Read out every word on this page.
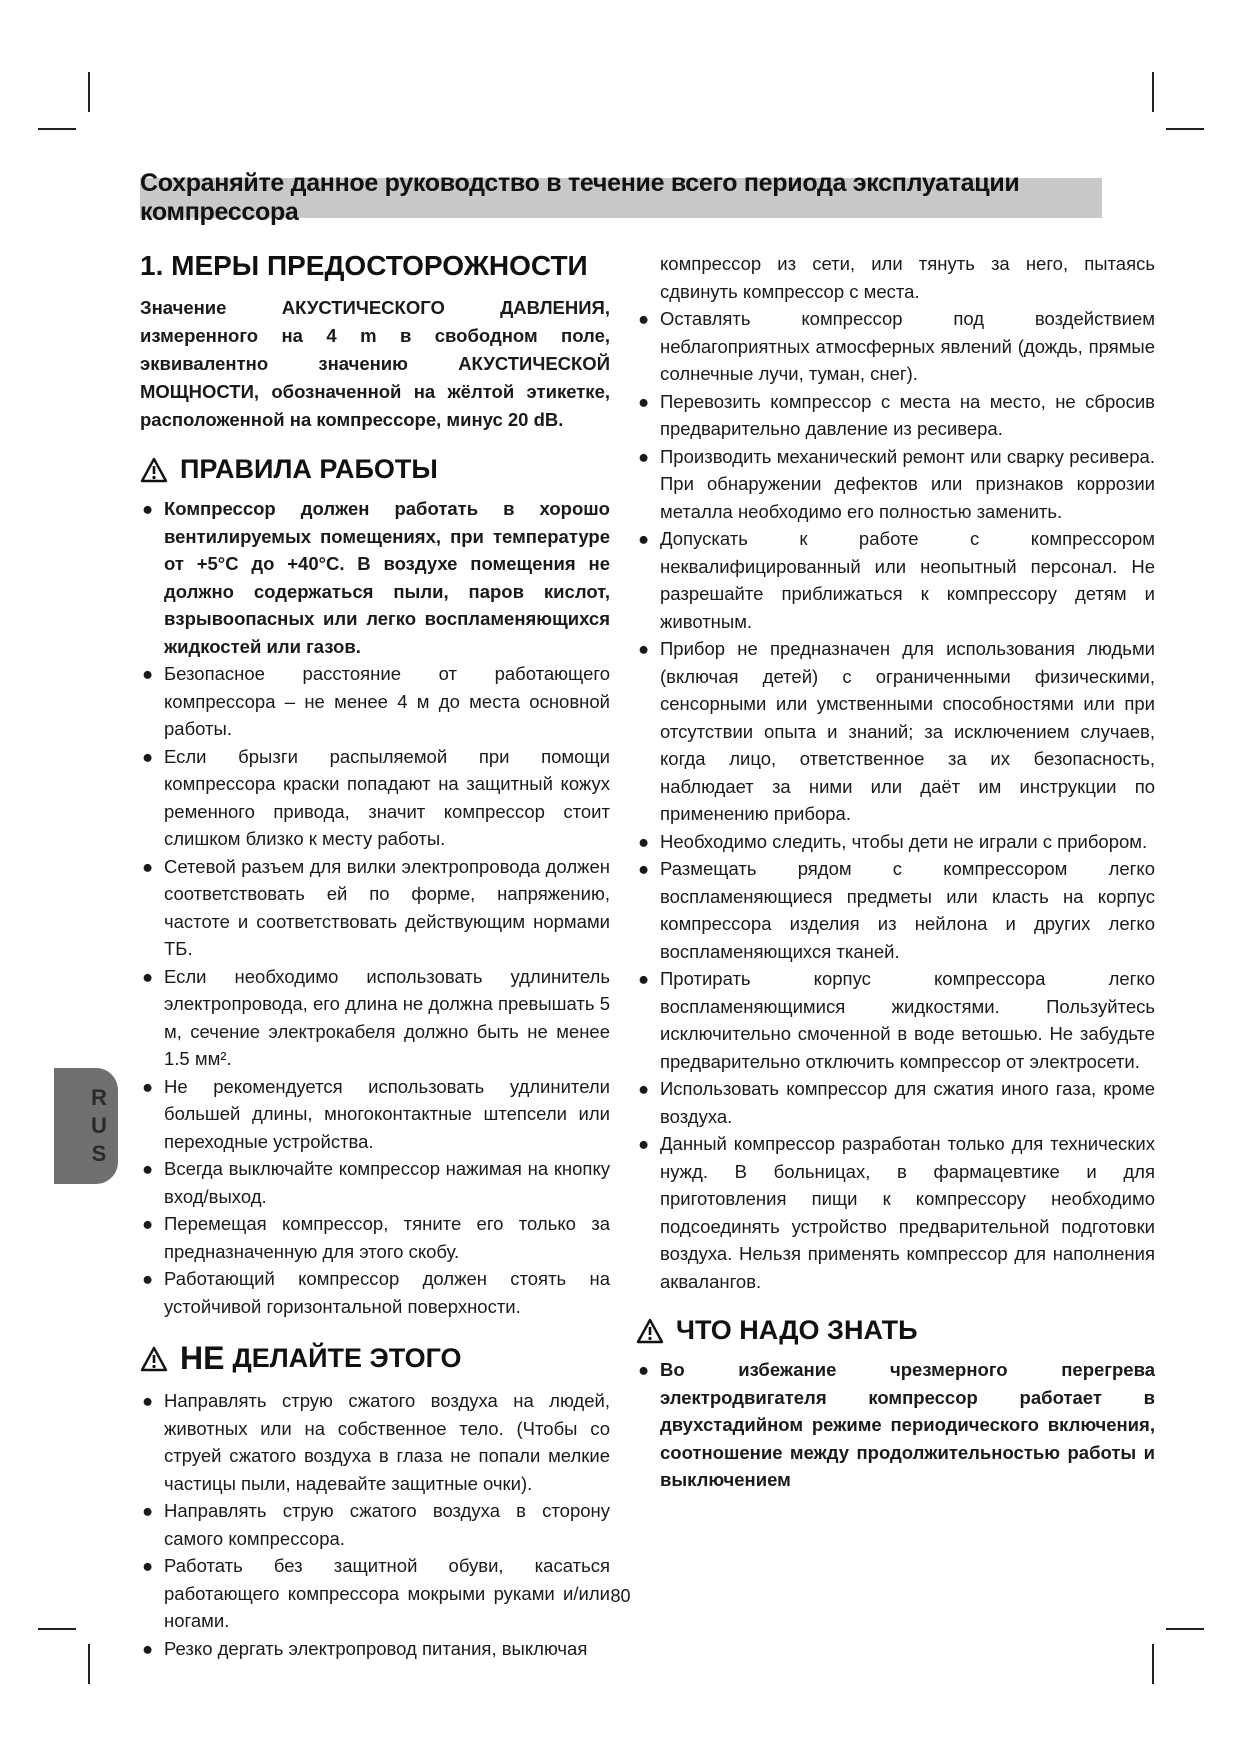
Сохраняйте данное руководство в течение всего периода эксплуатации компрессора
1. МЕРЫ ПРЕДОСТОРОЖНОСТИ

Значение АКУСТИЧЕСКОГО ДАВЛЕНИЯ, измеренного на 4 m в свободном поле, эквивалентно значению АКУСТИЧЕСКОЙ МОЩНОСТИ, обозначенной на жёлтой этикетке, расположенной на компрессоре, минус 20 dB.

ПРАВИЛА РАБОТЫ
● Компрессор должен работать в хорошо вентилируемых помещениях, при температуре от +5°C до +40°C. В воздухе помещения не должно содержаться пыли, паров кислот, взрывоопасных или легко воспламеняющихся жидкостей или газов.
● Безопасное расстояние от работающего компрессора – не менее 4 м до места основной работы.
● Если брызги распыляемой при помощи компрессора краски попадают на защитный кожух ременного привода, значит компрессор стоит слишком близко к месту работы.
● Сетевой разъем для вилки электропровода должен соответствовать ей по форме, напряжению, частоте и соответствовать действующим нормами ТБ.
● Если необходимо использовать удлинитель электропровода, его длина не должна превышать 5 м, сечение электрокабеля должно быть не менее 1.5 мм².
● Не рекомендуется использовать удлинители большей длины, многоконтактные штепсели или переходные устройства.
● Всегда выключайте компрессор нажимая на кнопку вход/выход.
● Перемещая компрессор, тяните его только за предназначенную для этого скобу.
● Работающий компрессор должен стоять на устойчивой горизонтальной поверхности.
НЕ ДЕЛАЙТЕ ЭТОГО
● Направлять струю сжатого воздуха на людей, животных или на собственное тело. (Чтобы со струей сжатого воздуха в глаза не попали мелкие частицы пыли, надевайте защитные очки).
● Направлять струю сжатого воздуха в сторону самого компрессора.
● Работать без защитной обуви, касаться работающего компрессора мокрыми руками и/или ногами.
● Резко дергать электропровод питания, выключая
компрессор из сети, или тянуть за него, пытаясь сдвинуть компрессор с места.
● Оставлять компрессор под воздействием неблагоприятных атмосферных явлений (дождь, прямые солнечные лучи, туман, снег).
● Перевозить компрессор с места на место, не сбросив предварительно давление из ресивера.
● Производить механический ремонт или сварку ресивера. При обнаружении дефектов или признаков коррозии металла необходимо его полностью заменить.
● Допускать к работе с компрессором неквалифицированный или неопытный персонал. Не разрешайте приближаться к компрессору детям и животным.
● Прибор не предназначен для использования людьми (включая детей) с ограниченными физическими, сенсорными или умственными способностями или при отсутствии опыта и знаний; за исключением случаев, когда лицо, ответственное за их безопасность, наблюдает за ними или даёт им инструкции по применению прибора.
● Необходимо следить, чтобы дети не играли с прибором.
● Размещать рядом с компрессором легко воспламеняющиеся предметы или класть на корпус компрессора изделия из нейлона и других легко воспламеняющихся тканей.
● Протирать корпус компрессора легко воспламеняющимися жидкостями. Пользуйтесь исключительно смоченной в воде ветошью. Не забудьте предварительно отключить компрессор от электросети.
● Использовать компрессор для сжатия иного газа, кроме воздуха.
● Данный компрессор разработан только для технических нужд. В больницах, в фармацевтике и для приготовления пищи к компрессору необходимо подсоединять устройство предварительной подготовки воздуха. Нельзя применять компрессор для наполнения аквалангов.
ЧТО НАДО ЗНАТЬ
● Во избежание чрезмерного перегрева электродвигателя компрессор работает в двухстадийном режиме периодического включения, соотношение между продолжительностью работы и выключением
R
U
S
80
